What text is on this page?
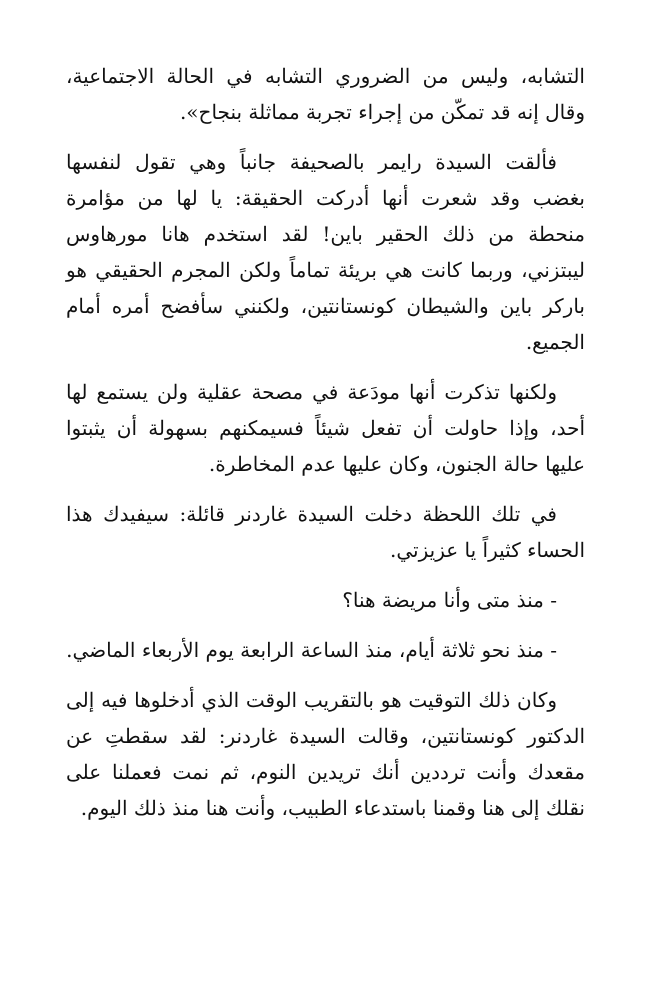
التشابه، وليس من الضروري التشابه في الحالة الاجتماعية، وقال إنه قد تمكّن من إجراء تجربة مماثلة بنجاح».

فألقت السيدة رايمر بالصحيفة جانباً وهي تقول لنفسها بغضب وقد شعرت أنها أدركت الحقيقة: يا لها من مؤامرة منحطة من ذلك الحقير باين! لقد استخدم هانا مورهاوس ليبتزني، وربما كانت هي بريئة تماماً ولكن المجرم الحقيقي هو باركر باين والشيطان كونستانتين، ولكنني سأفضح أمره أمام الجميع.

ولكنها تذكرت أنها مودَعة في مصحة عقلية ولن يستمع لها أحد، وإذا حاولت أن تفعل شيئاً فسيمكنهم بسهولة أن يثبتوا عليها حالة الجنون، وكان عليها عدم المخاطرة.

في تلك اللحظة دخلت السيدة غاردنر قائلة: سيفيدك هذا الحساء كثيراً يا عزيزتي.

- منذ متى وأنا مريضة هنا؟

- منذ نحو ثلاثة أيام، منذ الساعة الرابعة يوم الأربعاء الماضي.

وكان ذلك التوقيت هو بالتقريب الوقت الذي أدخلوها فيه إلى الدكتور كونستانتين، وقالت السيدة غاردنر: لقد سقطتِ عن مقعدك وأنت ترددين أنك تريدين النوم، ثم نمت فعملنا على نقلك إلى هنا وقمنا باستدعاء الطبيب، وأنت هنا منذ ذلك اليوم.
